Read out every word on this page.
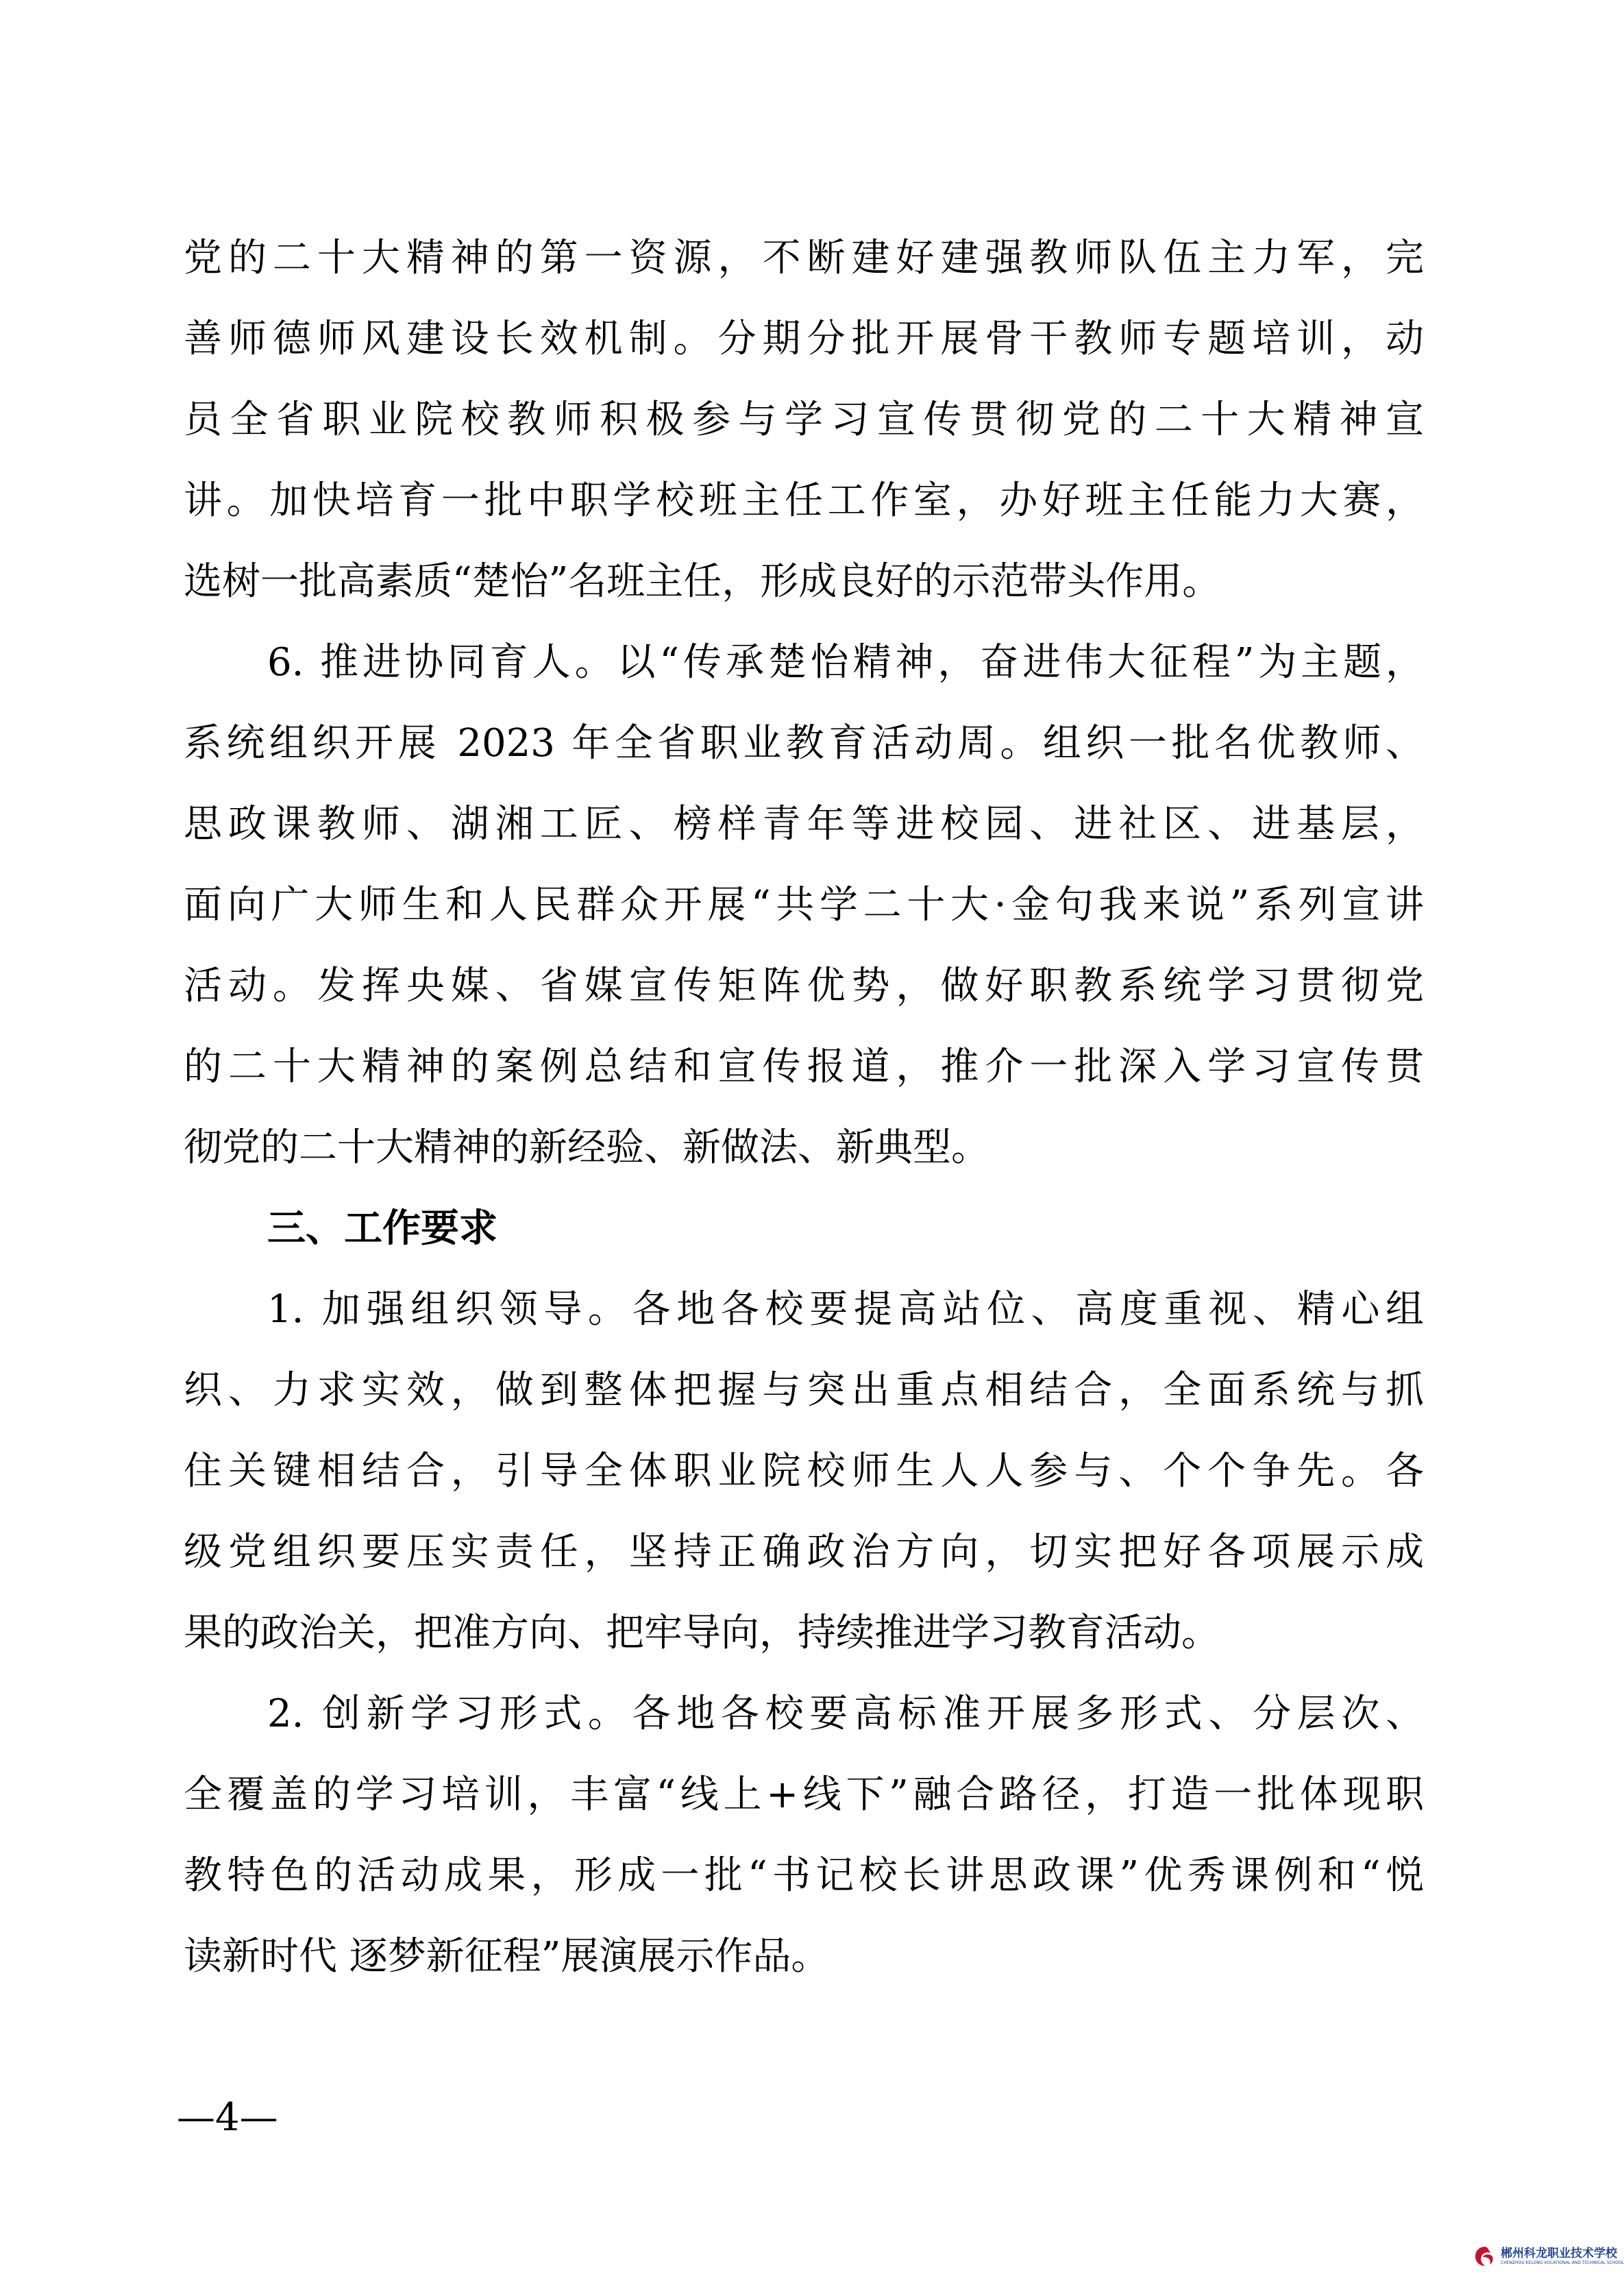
党的二十大精神的第一资源，不断建好建强教师队伍主力军，完
善师德师风建设长效机制。分期分批开展骨干教师专题培训，动
员全省职业院校教师积极参与学习宣传贯彻党的二十大精神宣
讲。加快培育一批中职学校班主任工作室，办好班主任能力大赛，
选树一批高素质“楚怡”名班主任，形成良好的示范带头作用。
6. 推进协同育人。以“传承楚怡精神，奋进伟大征程”为主题，
系统组织开展 2023 年全省职业教育活动周。组织一批名优教师、
思政课教师、湖湘工匠、榜样青年等进校园、进社区、进基层，
面向广大师生和人民群众开展“共学二十大·金句我来说”系列宣讲
活动。发挥央媒、省媒宣传矩阵优势，做好职教系统学习贯彻党
的二十大精神的案例总结和宣传报道，推介一批深入学习宣传贯
彻党的二十大精神的新经验、新做法、新典型。
三、工作要求
1. 加强组织领导。各地各校要提高站位、高度重视、精心组
织、力求实效，做到整体把握与突出重点相结合，全面系统与抓
住关键相结合，引导全体职业院校师生人人参与、个个争先。各
级党组织要压实责任，坚持正确政治方向，切实把好各项展示成
果的政治关，把准方向、把牢导向，持续推进学习教育活动。
2. 创新学习形式。各地各校要高标准开展多形式、分层次、
全覆盖的学习培训，丰富“线上+线下”融合路径，打造一批体现职
教特色的活动成果，形成一批“书记校长讲思政课”优秀课例和“悦
读新时代 逐梦新征程”展演展示作品。
—4—
郴州科龙职业技术学校
CHENZHOU KELONG VOCATIONAL AND TECHNICAL SCHOOL
